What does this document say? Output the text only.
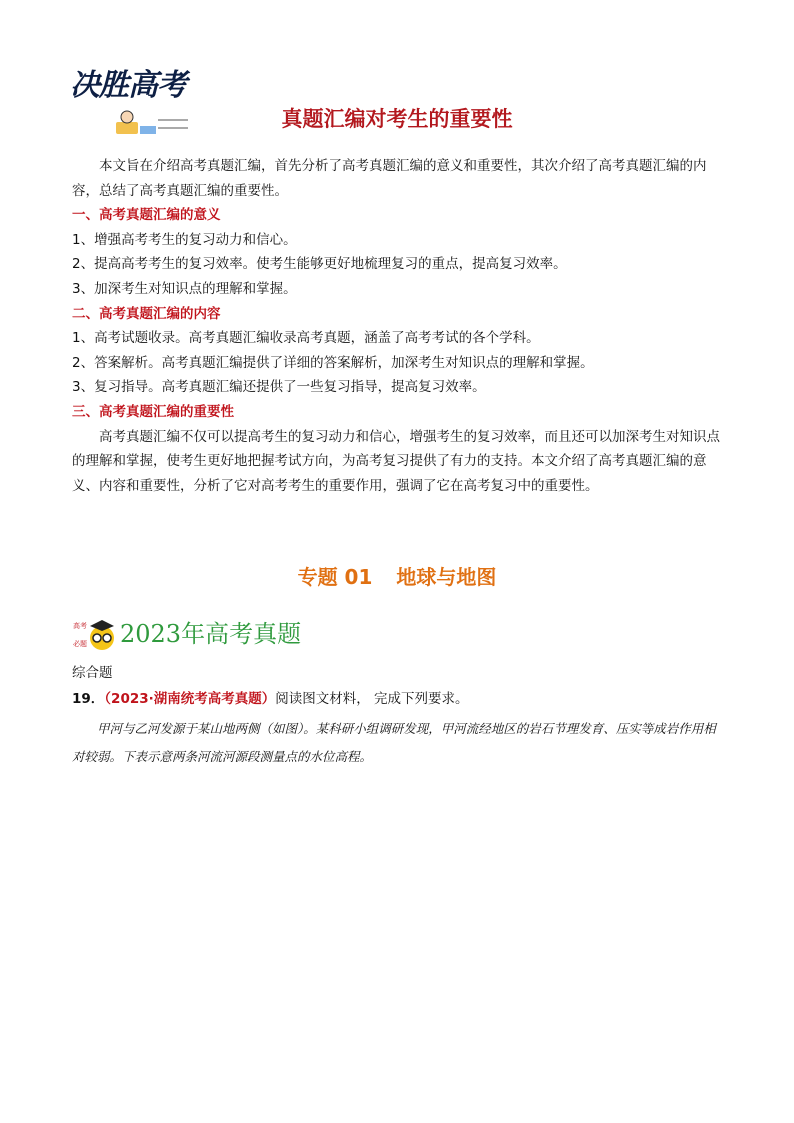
决胜高考
真题汇编对考生的重要性

本文旨在介绍高考真题汇编，首先分析了高考真题汇编的意义和重要性，其次介绍了高考真题汇编的内容，总结了高考真题汇编的重要性。

一、高考真题汇编的意义

1、增强高考考生的复习动力和信心。

2、提高高考考生的复习效率。使考生能够更好地梳理复习的重点，提高复习效率。

3、加深考生对知识点的理解和掌握。

二、高考真题汇编的内容

1、高考试题收录。高考真题汇编收录高考真题，涵盖了高考考试的各个学科。

2、答案解析。高考真题汇编提供了详细的答案解析，加深考生对知识点的理解和掌握。

3、复习指导。高考真题汇编还提供了一些复习指导，提高复习效率。

三、高考真题汇编的重要性

高考真题汇编不仅可以提高考生的复习动力和信心，增强考生的复习效率，而且还可以加深考生对知识点的理解和掌握，使考生更好地把握考试方向，为高考复习提供了有力的支持。本文介绍了高考真题汇编的意义、内容和重要性，分析了它对高考考生的重要作用，强调了它在高考复习中的重要性。

专题 01 地球与地图
高考
必题 2023年高考真题
综合题
19．（2023·湖南统考高考真题）阅读图文材料， 完成下列要求。
甲河与乙河发源于某山地两侧（如图）。某科研小组调研发现，甲河流经地区的岩石节理发育、压实等成岩作用相对较弱。下表示意两条河流河源段测量点的水位高程。
